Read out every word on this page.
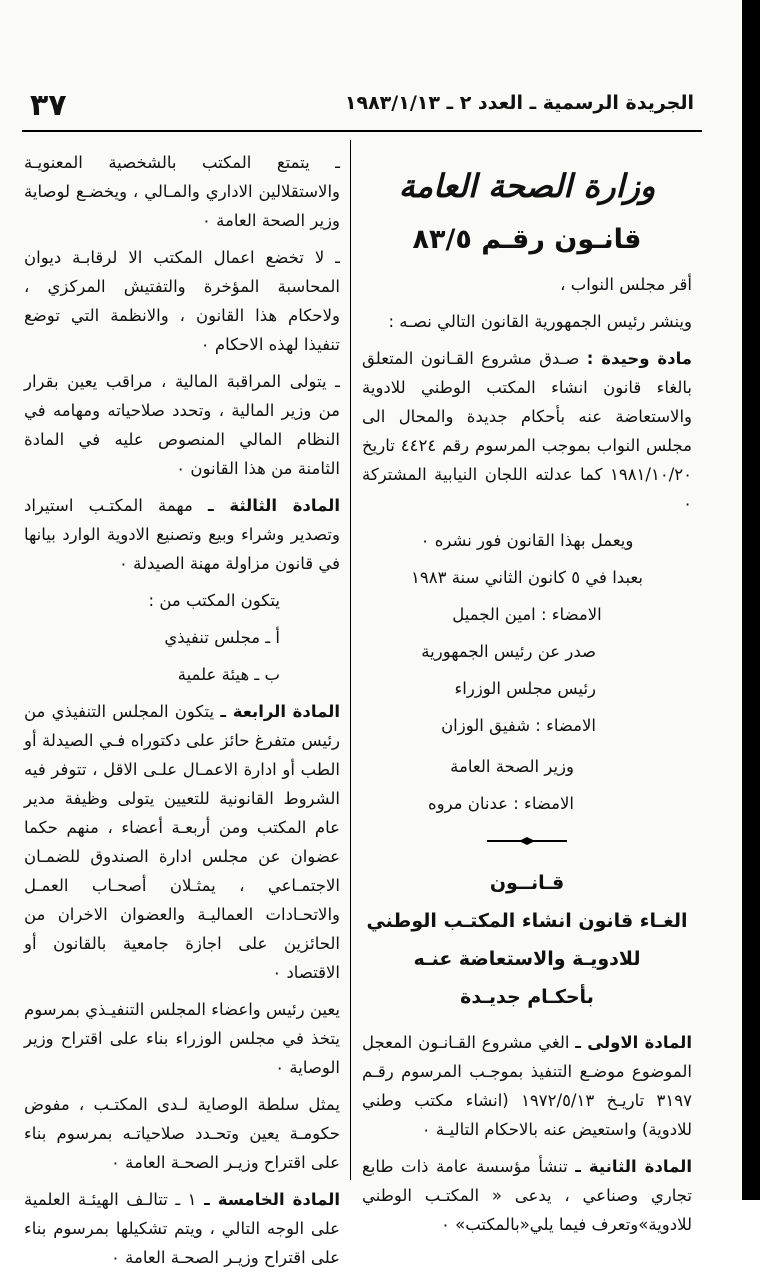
٣٧	الجريدة الرسمية ـ العدد ٢ ـ ١٩٨٣/١/١٣
وزارة الصحة العامة
قانـون رقـم ٨٣/٥

أقر مجلس النواب ،

وينشر رئيس الجمهورية القانون التالي نصـه :

مادة وحيدة : صـدق مشروع القـانون المتعلق بالغاء قانون انشاء المكتب الوطني للادوية والاستعاضة عنه بأحكام جديدة والمحال الى مجلس النواب بموجب المرسوم رقم ٤٤٢٤ تاريخ ١٩٨١/١٠/٢٠ كما عدلته اللجان النيابية المشتركة ٠

ويعمل بهذا القانون فور نشره ٠

بعبدا في ٥ كانون الثاني سنة ١٩٨٣

الامضاء : امين الجميل

صدر عن رئيس الجمهورية

رئيس مجلس الوزراء

الامضاء : شفيق الوزان

وزير الصحة العامة

الامضاء : عدنان مروه

قـانــون

الغـاء قانون انشاء المكتـب الوطني

للادويـة والاستعاضة عنـه

بأحكـام جديـدة

المادة الاولى ـ الغي مشروع القـانـون المعجل الموضوع موضـع التنفيذ بموجـب المرسوم رقـم ٣١٩٧ تاريـخ ١٩٧٢/٥/١٣ (انشاء مكتب وطني للادوية) واستعيض عنه بالاحكام التاليـة ٠

المادة الثانية ـ تنشأ مؤسسة عامة ذات طابع تجاري وصناعي ، يدعى « المكتـب الوطني للادوية»وتعرف فيما يلي«بالمكتب» ٠

ـ يتمتع المكتب بالشخصية المعنويـة والاستقلالين الاداري والمـالي ، ويخضـع لوصاية وزير الصحة العامة ٠

ـ لا تخضع اعمال المكتب الا لرقابـة ديوان المحاسبة المؤخرة والتفتيش المركزي ، ولاحكام هذا القانون ، والانظمة التي توضع تنفيذا لهذه الاحكام ٠

ـ يتولى المراقبة المالية ، مراقب يعين بقرار من وزير المالية ، وتحدد صلاحياته ومهامه في النظام المالي المنصوص عليه في المادة الثامنة من هذا القانون ٠

المادة الثالثة ـ مهمة المكتـب استيراد وتصدير وشراء وبيع وتصنيع الادوية الوارد بيانها في قانون مزاولة مهنة الصيدلة ٠

يتكون المكتب من :

أ ـ مجلس تنفيذي

ب ـ هيئة علمية

المادة الرابعة ـ يتكون المجلس التنفيذي من رئيس متفرغ حائز على دكتوراه فـي الصيدلة أو الطب أو ادارة الاعمـال علـى الاقل ، تتوفر فيه الشروط القانونية للتعيين يتولى وظيفة مدير عام المكتب ومن أربعـة أعضاء ، منهم حكما عضوان عن مجلس ادارة الصندوق للضمـان الاجتمـاعي ، يمثـلان أصحـاب العمـل والاتحـادات العماليـة والعضوان الاخران من الحائزين على اجازة جامعية بالقانون أو الاقتصاد ٠

يعين رئيس واعضاء المجلس التنفيـذي بمرسوم يتخذ في مجلس الوزراء بناء على اقتراح وزير الوصاية ٠

يمثل سلطة الوصاية لـدى المكتـب ، مفوض حكومـة يعين وتحـدد صلاحياتـه بمرسوم بناء على اقتراح وزيـر الصحـة العامة ٠

المادة الخامسة ـ ١ ـ تتالـف الهيئـة العلمية على الوجه التالي ، ويتم تشكيلها بمرسوم بناء على اقتراح وزيـر الصحـة العامة ٠
